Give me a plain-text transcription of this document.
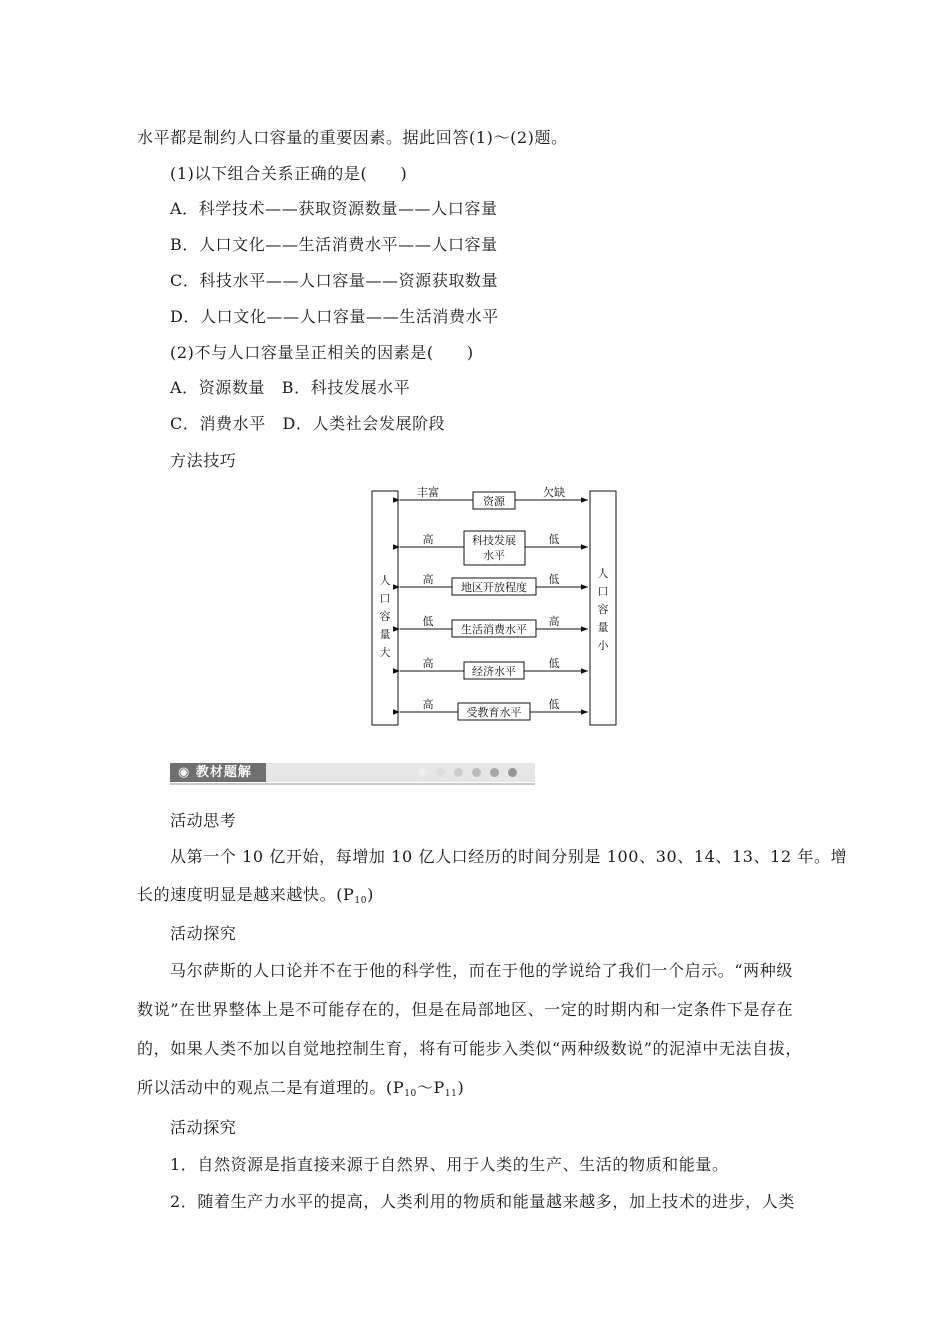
水平都是制约人口容量的重要因素。据此回答(1)～(2)题。
(1)以下组合关系正确的是(　　)
A．科学技术——获取资源数量——人口容量
B．人口文化——生活消费水平——人口容量
C．科技水平——人口容量——资源获取数量
D．人口文化——人口容量——生活消费水平
(2)不与人口容量呈正相关的因素是(　　)
A．资源数量　B．科技发展水平
C．消费水平　D．人类社会发展阶段
方法技巧
人
口
容
量
大
人
口
容
量
小
丰富	欠缺
资源
高	低
科技发展
水平
高	低
地区开放程度
低	高
生活消费水平
高	低
经济水平
高	低
受教育水平
◉ 教材题解
活动思考
从第一个 10 亿开始，每增加 10 亿人口经历的时间分别是 100、30、14、13、12 年。增
长的速度明显是越来越快。$(P_{10})$
活动探究
马尔萨斯的人口论并不在于他的科学性，而在于他的学说给了我们一个启示。“两种级
数说”在世界整体上是不可能存在的，但是在局部地区、一定的时期内和一定条件下是存在
的，如果人类不加以自觉地控制生育，将有可能步入类似“两种级数说”的泥淖中无法自拔，
所以活动中的观点二是有道理的。$(P_{10}\sim P_{11})$
活动探究
1．自然资源是指直接来源于自然界、用于人类的生产、生活的物质和能量。
2．随着生产力水平的提高，人类利用的物质和能量越来越多，加上技术的进步，人类
